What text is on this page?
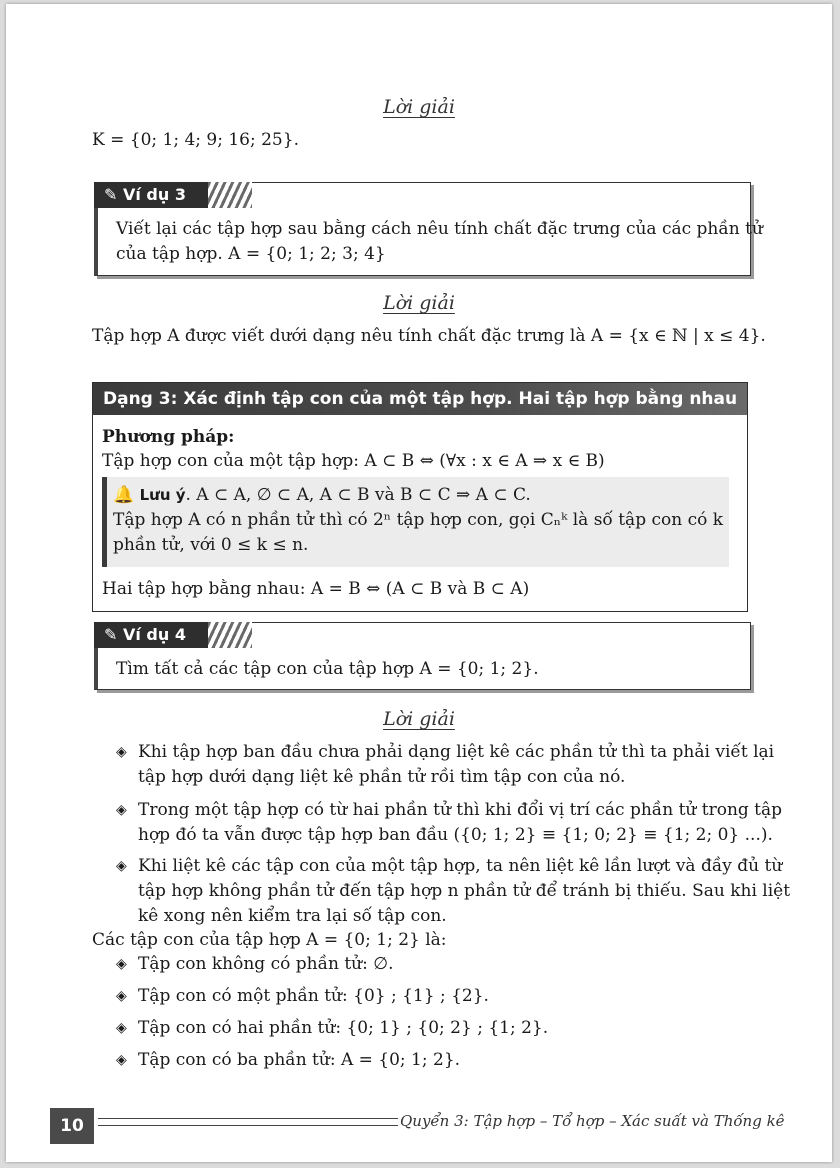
Lời giải
K = {0; 1; 4; 9; 16; 25}.
✎ Ví dụ 3
Viết lại các tập hợp sau bằng cách nêu tính chất đặc trưng của các phần tử
của tập hợp. A = {0; 1; 2; 3; 4}
Lời giải
Tập hợp A được viết dưới dạng nêu tính chất đặc trưng là A = {x ∈ ℕ | x ≤ 4}.
Dạng 3: Xác định tập con của một tập hợp. Hai tập hợp bằng nhau
Phương pháp:
Tập hợp con của một tập hợp: A ⊂ B ⇔ (∀x : x ∈ A ⇒ x ∈ B)
🔔 Lưu ý. A ⊂ A, ∅ ⊂ A, A ⊂ B và B ⊂ C ⇒ A ⊂ C.
Tập hợp A có n phần tử thì có 2ⁿ tập hợp con, gọi Cₙᵏ là số tập con có k
phần tử, với 0 ≤ k ≤ n.
Hai tập hợp bằng nhau: A = B ⇔ (A ⊂ B và B ⊂ A)
✎ Ví dụ 4
Tìm tất cả các tập con của tập hợp A = {0; 1; 2}.
Lời giải
◈ Khi tập hợp ban đầu chưa phải dạng liệt kê các phần tử thì ta phải viết lại
tập hợp dưới dạng liệt kê phần tử rồi tìm tập con của nó.
◈ Trong một tập hợp có từ hai phần tử thì khi đổi vị trí các phần tử trong tập
hợp đó ta vẫn được tập hợp ban đầu ({0; 1; 2} ≡ {1; 0; 2} ≡ {1; 2; 0} ...).
◈ Khi liệt kê các tập con của một tập hợp, ta nên liệt kê lần lượt và đầy đủ từ
tập hợp không phần tử đến tập hợp n phần tử để tránh bị thiếu. Sau khi liệt
kê xong nên kiểm tra lại số tập con.
Các tập con của tập hợp A = {0; 1; 2} là:
◈ Tập con không có phần tử: ∅.
◈ Tập con có một phần tử: {0} ; {1} ; {2}.
◈ Tập con có hai phần tử: {0; 1} ; {0; 2} ; {1; 2}.
◈ Tập con có ba phần tử: A = {0; 1; 2}.
10	Quyển 3: Tập hợp – Tổ hợp – Xác suất và Thống kê
